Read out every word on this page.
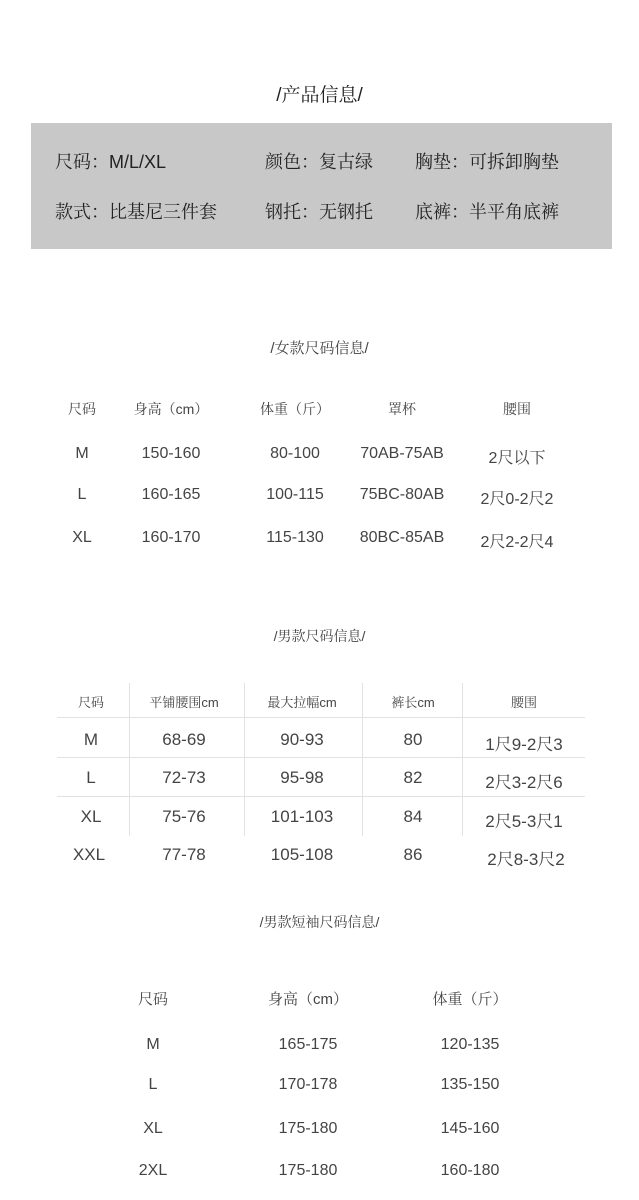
/产品信息/
尺码：M/L/XL	颜色：复古绿 胸垫：可拆卸胸垫
款式：比基尼三件套	钢托：无钢托 底裤：半平角底裤
/女款尺码信息/
尺码	身高（cm）	体重（斤）	罩杯	腰围
M	150-160	80-100	70AB-75AB	2尺以下
L	160-165	100-115 75BC-80AB 2尺0-2尺2
XL	160-170	115-130 80BC-85AB 2尺2-2尺4
/男款尺码信息/
尺码	平铺腰围cm	最大拉幅cm	裤长cm	腰围
M	68-69	90-93	80	1尺9-2尺3
L	72-73	95-98	82	2尺3-2尺6
XL	75-76	101-103	84	2尺5-3尺1
XXL	77-78	105-108	86	2尺8-3尺2
/男款短袖尺码信息/
尺码	身高（cm）	体重（斤）
M	165-175	120-135
L	170-178	135-150
XL	175-180	145-160
2XL	175-180	160-180
